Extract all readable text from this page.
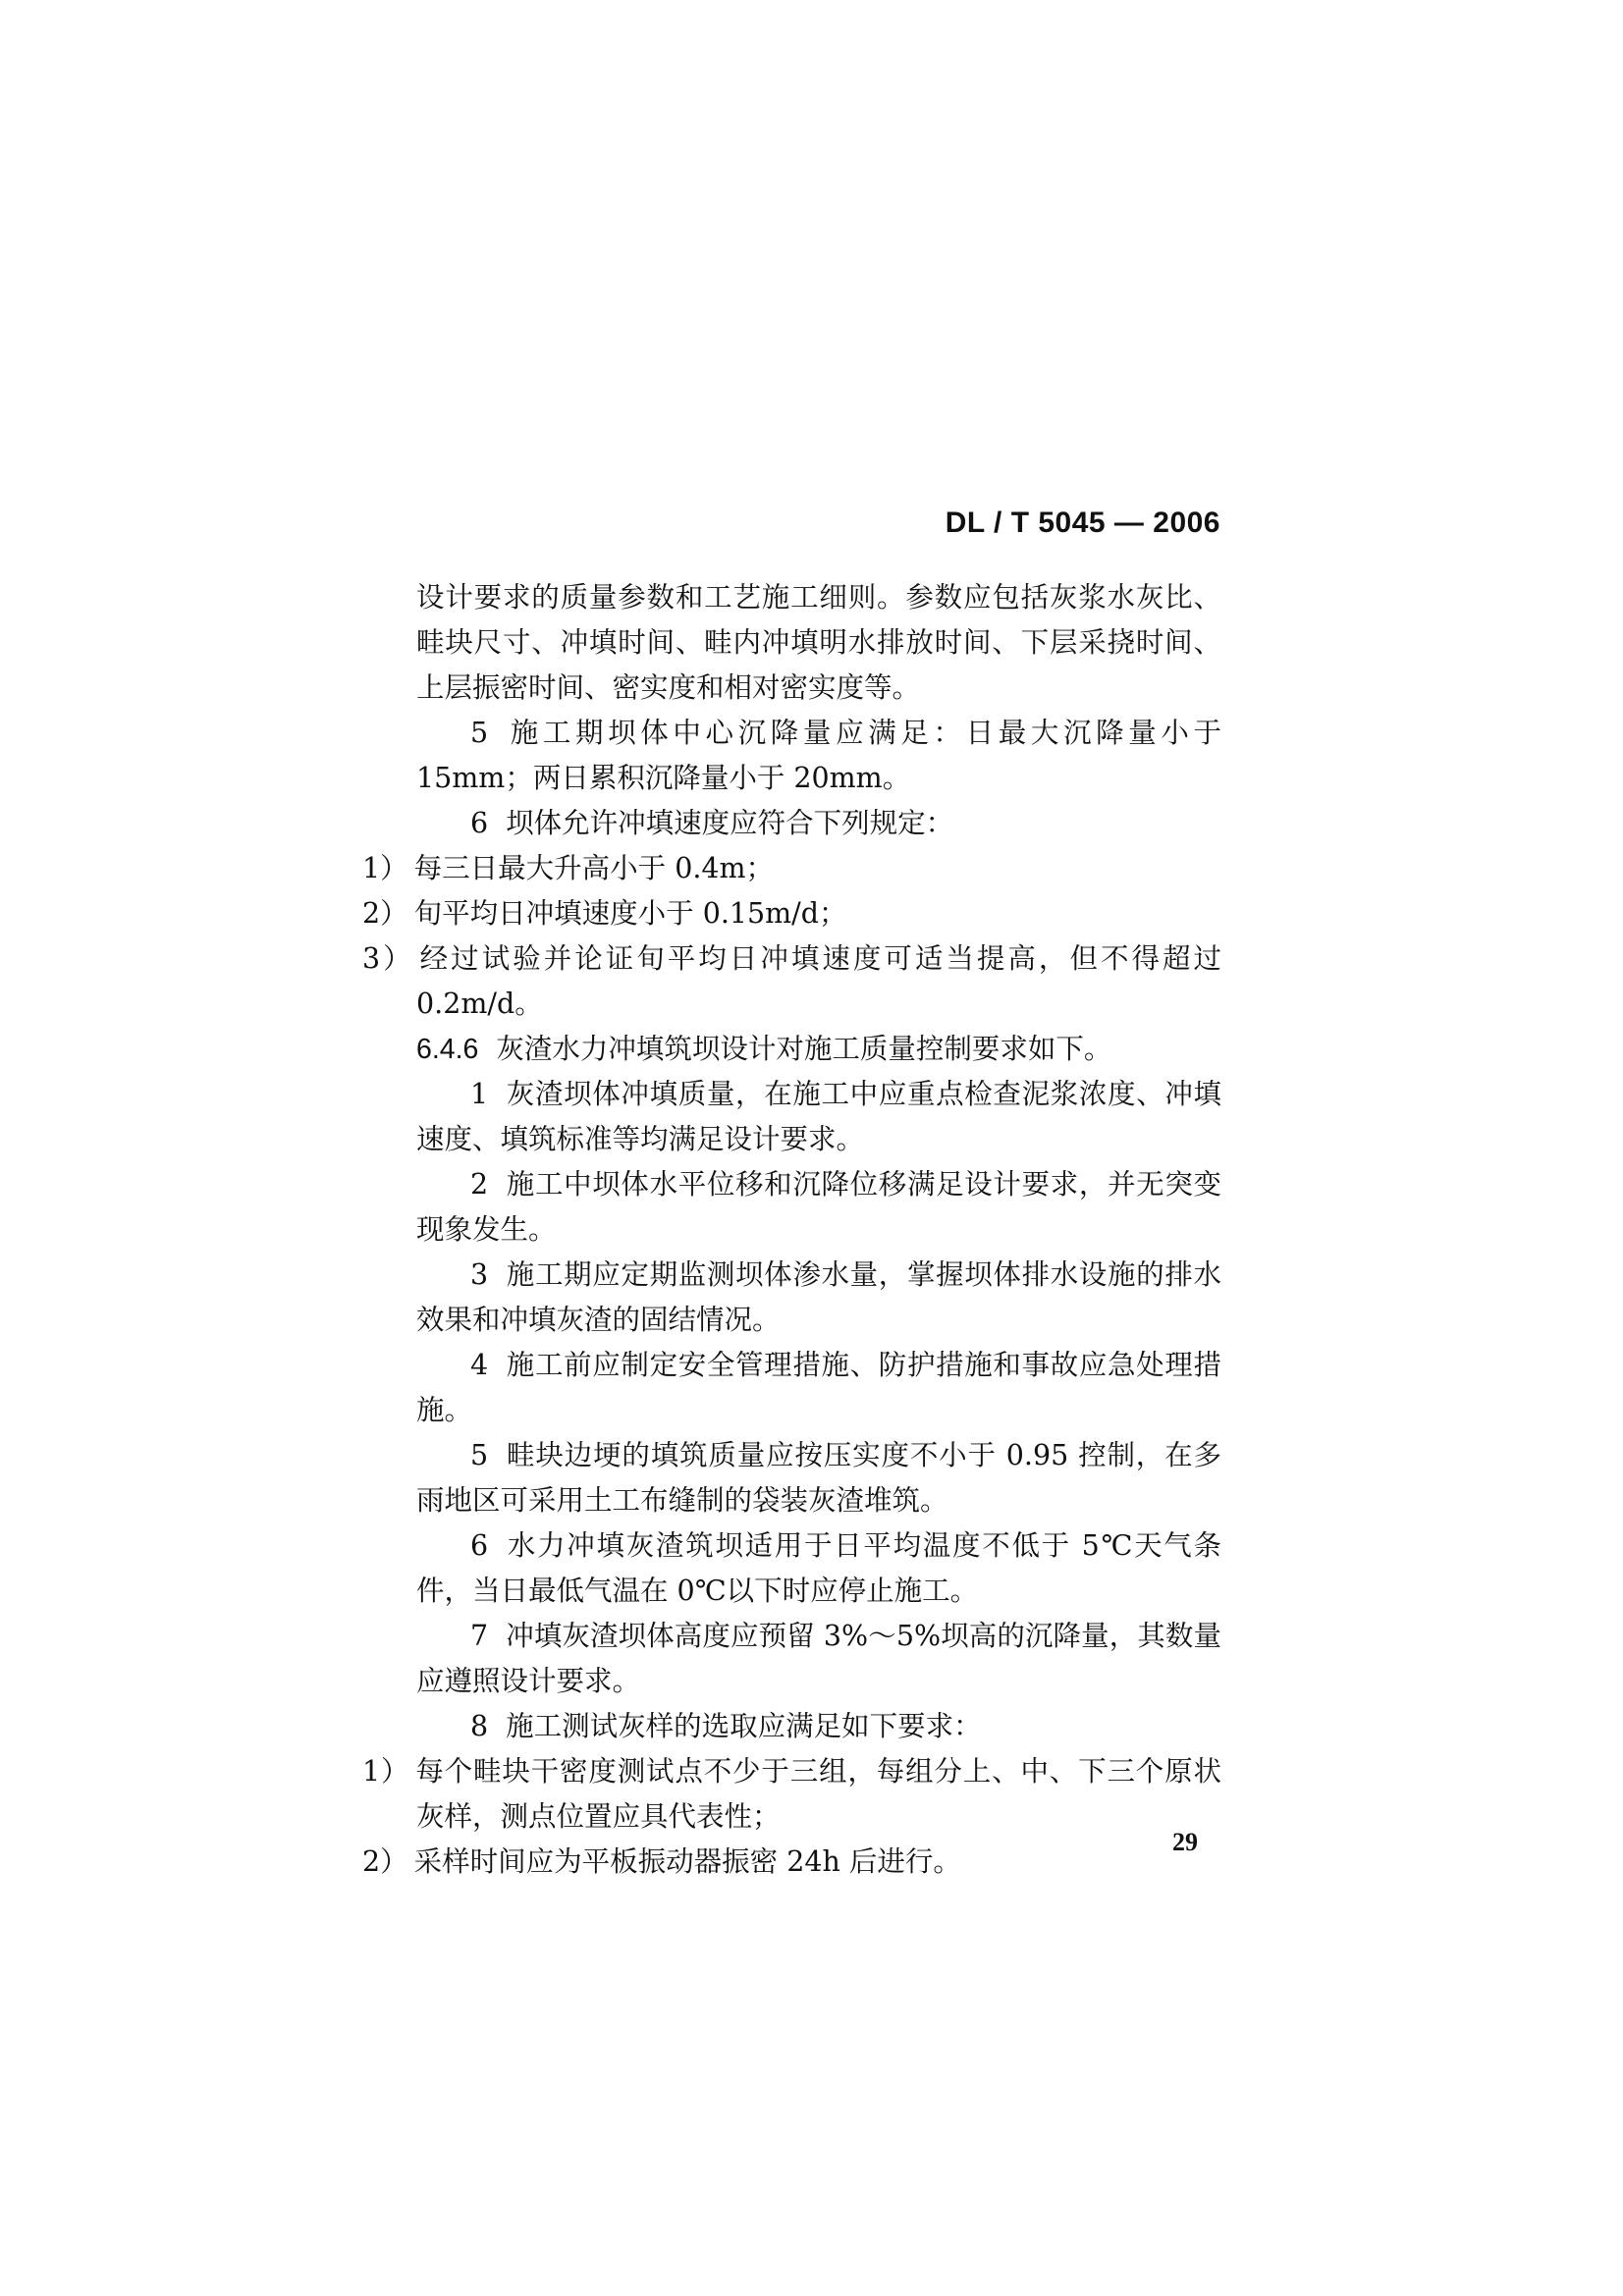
DL / T 5045 — 2006

设计要求的质量参数和工艺施工细则。参数应包括灰浆水灰比、畦块尺寸、冲填时间、畦内冲填明水排放时间、下层采挠时间、上层振密时间、密实度和相对密实度等。

5 施工期坝体中心沉降量应满足：日最大沉降量小于15mm；两日累积沉降量小于 20mm。

6 坝体允许冲填速度应符合下列规定：

1） 每三日最大升高小于 0.4m；

2） 旬平均日冲填速度小于 0.15m/d；

3） 经过试验并论证旬平均日冲填速度可适当提高，但不得超过 0.2m/d。

6.4.6 灰渣水力冲填筑坝设计对施工质量控制要求如下。

1 灰渣坝体冲填质量，在施工中应重点检查泥浆浓度、冲填速度、填筑标准等均满足设计要求。

2 施工中坝体水平位移和沉降位移满足设计要求，并无突变现象发生。

3 施工期应定期监测坝体渗水量，掌握坝体排水设施的排水效果和冲填灰渣的固结情况。

4 施工前应制定安全管理措施、防护措施和事故应急处理措施。

5 畦块边埂的填筑质量应按压实度不小于 0.95 控制，在多雨地区可采用土工布缝制的袋装灰渣堆筑。

6 水力冲填灰渣筑坝适用于日平均温度不低于 5℃天气条件，当日最低气温在 0℃以下时应停止施工。

7 冲填灰渣坝体高度应预留 3%～5%坝高的沉降量，其数量应遵照设计要求。

8 施工测试灰样的选取应满足如下要求：

1） 每个畦块干密度测试点不少于三组，每组分上、中、下三个原状灰样，测点位置应具代表性；

2） 采样时间应为平板振动器振密 24h 后进行。

29
